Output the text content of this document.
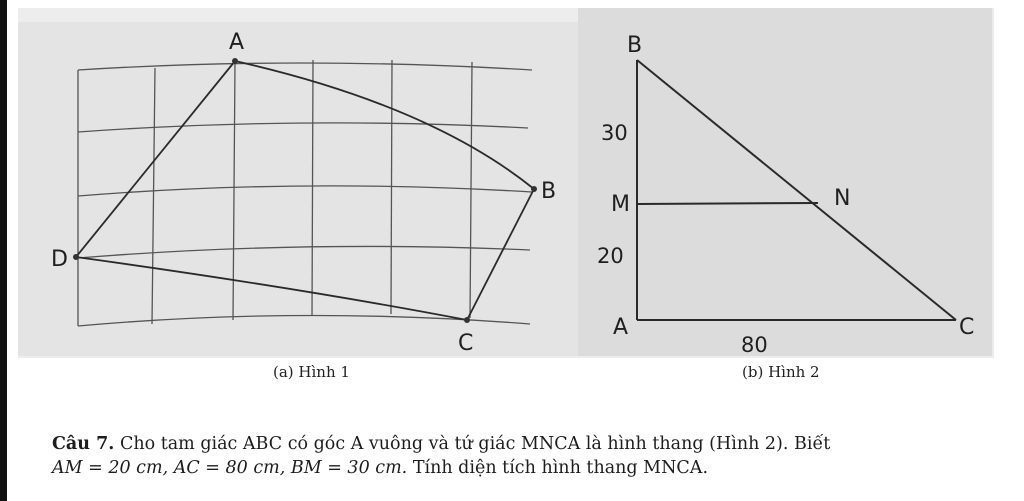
A
B
C
D
B
M	N
A	C
30
20
80
(a) Hình 1	(b) Hình 2
Câu 7. Cho tam giác ABC có góc A vuông và tứ giác MNCA là hình thang (Hình 2). Biết
AM = 20 cm, AC = 80 cm, BM = 30 cm. Tính diện tích hình thang MNCA.
